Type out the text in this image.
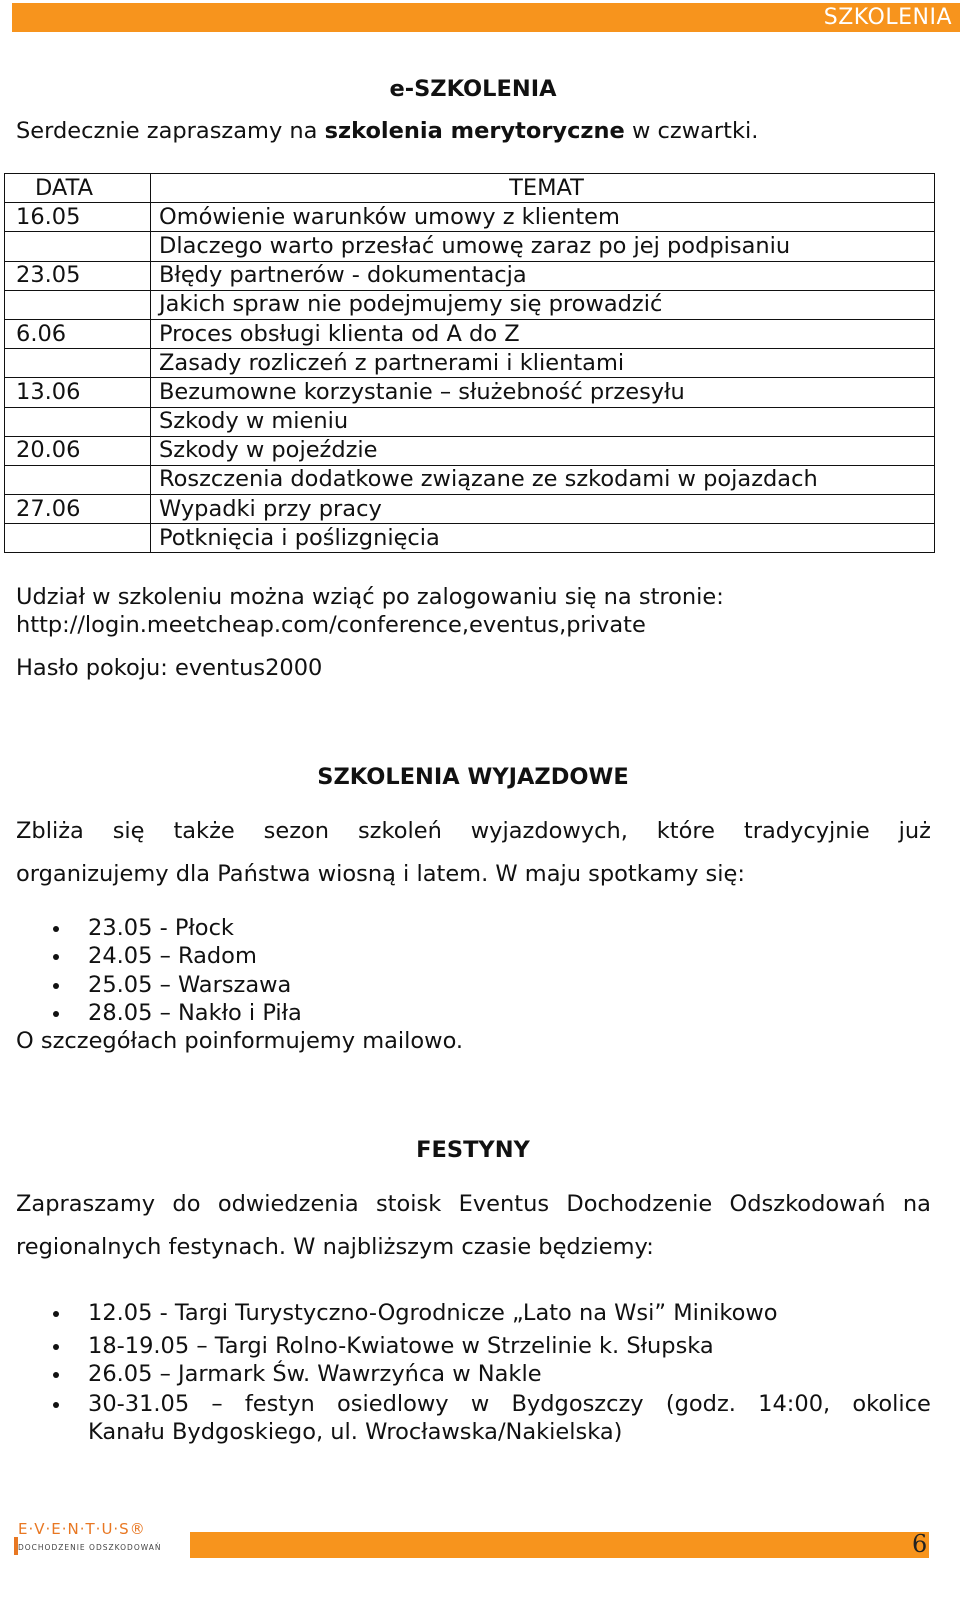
SZKOLENIA
e-SZKOLENIA
Serdecznie zapraszamy na szkolenia merytoryczne w czwartki.
DATA	TEMAT
16.05	Omówienie warunków umowy z klientem
	Dlaczego warto przesłać umowę zaraz po jej podpisaniu
23.05	Błędy partnerów - dokumentacja
	Jakich spraw nie podejmujemy się prowadzić
6.06	Proces obsługi klienta od A do Z
	Zasady rozliczeń z partnerami i klientami
13.06	Bezumowne korzystanie – służebność przesyłu
	Szkody w mieniu
20.06	Szkody w pojeździe
	Roszczenia dodatkowe związane ze szkodami w pojazdach
27.06	Wypadki przy pracy
	Potknięcia i poślizgnięcia
Udział w szkoleniu można wziąć po zalogowaniu się na stronie:
http://login.meetcheap.com/conference,eventus,private
Hasło pokoju: eventus2000
SZKOLENIA WYJAZDOWE
Zbliża się także sezon szkoleń wyjazdowych, które tradycyjnie już
organizujemy dla Państwa wiosną i latem. W maju spotkamy się:
23.05 - Płock
24.05 – Radom
25.05 – Warszawa
28.05 – Nakło i Piła
O szczegółach poinformujemy mailowo.
FESTYNY
Zapraszamy do odwiedzenia stoisk Eventus Dochodzenie Odszkodowań na
regionalnych festynach. W najbliższym czasie będziemy:
12.05 - Targi Turystyczno-Ogrodnicze „Lato na Wsi” Minikowo
18-19.05 – Targi Rolno-Kwiatowe w Strzelinie k. Słupska
26.05 – Jarmark Św. Wawrzyńca w Nakle
30-31.05 – festyn osiedlowy w Bydgoszczy (godz. 14:00, okolice
Kanału Bydgoskiego, ul. Wrocławska/Nakielska)
E·V·E·N·T·U·S®
DOCHODZENIE ODSZKODOWAŃ	6
